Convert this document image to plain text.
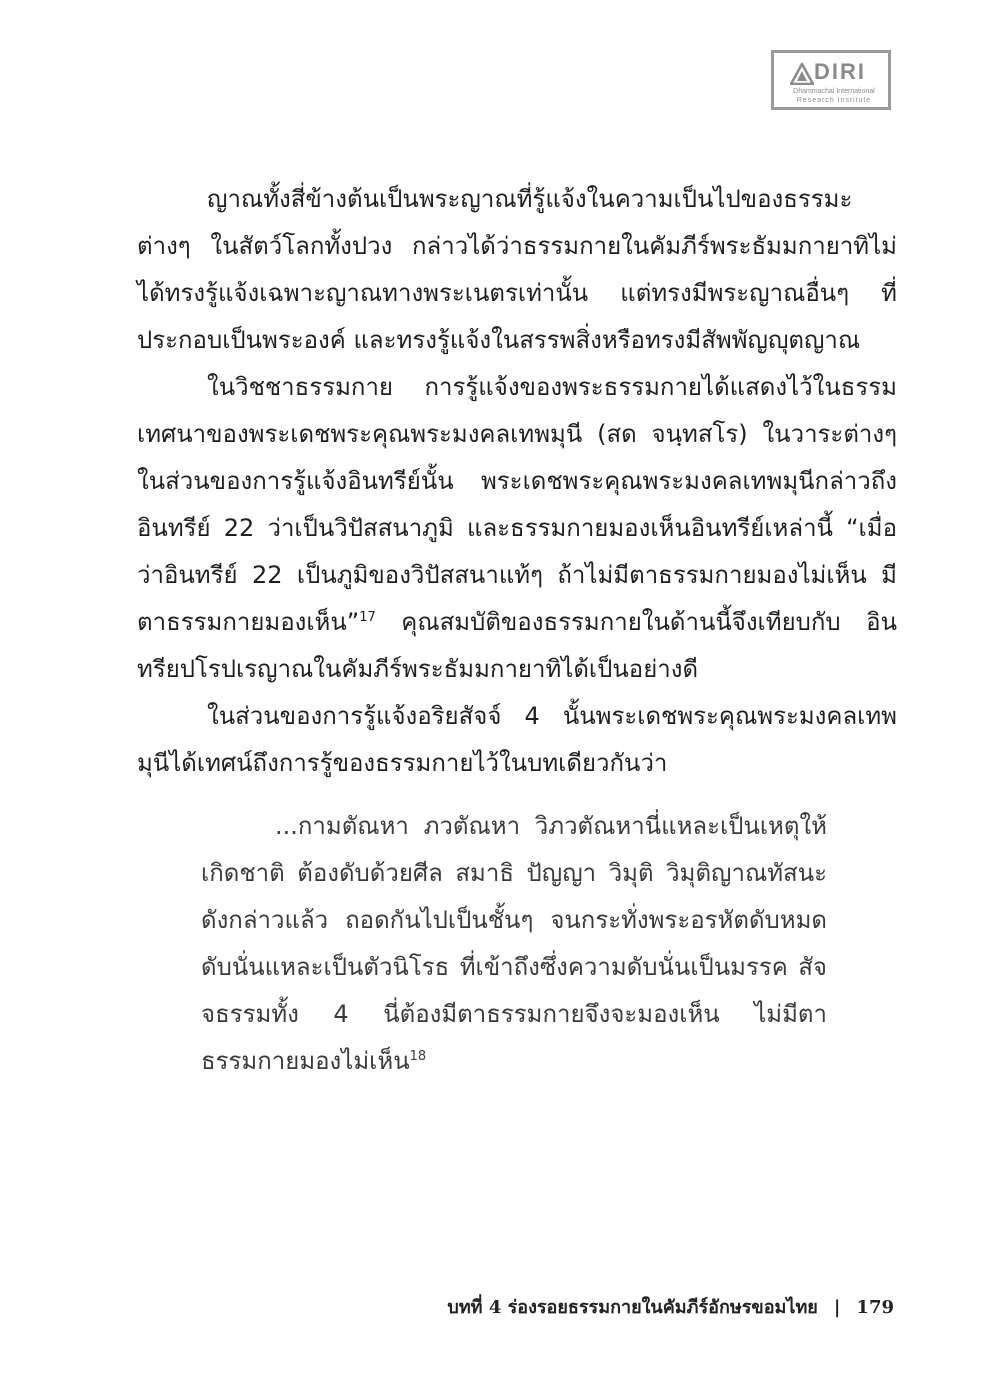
DIRI
Dhammachai International
Research Institute

ญาณทั้งสี่ข้างต้นเป็นพระญาณที่รู้แจ้งในความเป็นไปของธรรมะต่างๆ ในสัตว์โลกทั้งปวง กล่าวได้ว่าธรรมกายในคัมภีร์พระธัมมกายาทิไม่ได้ทรงรู้แจ้งเฉพาะญาณทางพระเนตรเท่านั้น แต่ทรงมีพระญาณอื่นๆ ที่ประกอบเป็นพระองค์ และทรงรู้แจ้งในสรรพสิ่งหรือทรงมีสัพพัญญุตญาณ

ในวิชชาธรรมกาย การรู้แจ้งของพระธรรมกายได้แสดงไว้ในธรรมเทศนาของพระเดชพระคุณพระมงคลเทพมุนี (สด จนฺทสโร) ในวาระต่างๆ ในส่วนของการรู้แจ้งอินทรีย์นั้น พระเดชพระคุณพระมงคลเทพมุนีกล่าวถึงอินทรีย์ 22 ว่าเป็นวิปัสสนาภูมิ และธรรมกายมองเห็นอินทรีย์เหล่านี้ “เมื่อว่าอินทรีย์ 22 เป็นภูมิของวิปัสสนาแท้ๆ ถ้าไม่มีตาธรรมกายมองไม่เห็น มีตาธรรมกายมองเห็น”$^{17}$ คุณสมบัติของธรรมกายในด้านนี้จึงเทียบกับ อินทรียปโรปเรญาณในคัมภีร์พระธัมมกายาทิได้เป็นอย่างดี

ในส่วนของการรู้แจ้งอริยสัจจ์ 4 นั้นพระเดชพระคุณพระมงคลเทพมุนีได้เทศน์ถึงการรู้ของธรรมกายไว้ในบทเดียวกันว่า

...กามตัณหา ภวตัณหา วิภวตัณหานี่แหละเป็นเหตุให้เกิดชาติ ต้องดับด้วยศีล สมาธิ ปัญญา วิมุติ วิมุติญาณทัสนะ ดังกล่าวแล้ว ถอดกันไปเป็นชั้นๆ จนกระทั่งพระอรหัตดับหมด ดับนั่นแหละเป็นตัวนิโรธ ที่เข้าถึงซึ่งความดับนั่นเป็นมรรค สัจจธรรมทั้ง 4 นี่ต้องมีตาธรรมกายจึงจะมองเห็น ไม่มีตาธรรมกายมองไม่เห็น$^{18}$

บทที่ 4 ร่องรอยธรรมกายในคัมภีร์อักษรขอมไทย | 179
